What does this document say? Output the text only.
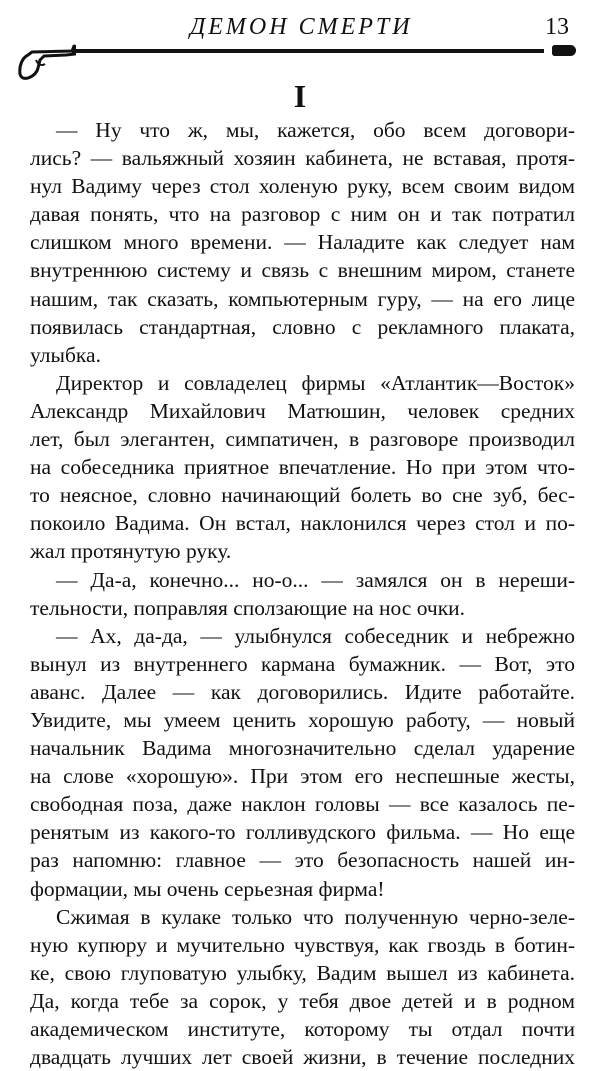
ДЕМОН СМЕРТИ	13
I
— Ну что ж, мы, кажется, обо всем договори-
лись? — вальяжный хозяин кабинета, не вставая, протя-
нул Вадиму через стол холеную руку, всем своим видом
давая понять, что на разговор с ним он и так потратил
слишком много времени. — Наладите как следует нам
внутреннюю систему и связь с внешним миром, станете
нашим, так сказать, компьютерным гуру, — на его лице
появилась стандартная, словно с рекламного плаката,
улыбка.
Директор и совладелец фирмы «Атлантик—Восток»
Александр Михайлович Матюшин, человек средних
лет, был элегантен, симпатичен, в разговоре производил
на собеседника приятное впечатление. Но при этом что-
то неясное, словно начинающий болеть во сне зуб, бес-
покоило Вадима. Он встал, наклонился через стол и по-
жал протянутую руку.
— Да-а, конечно... но-о... — замялся он в нереши-
тельности, поправляя сползающие на нос очки.
— Ах, да-да, — улыбнулся собеседник и небрежно
вынул из внутреннего кармана бумажник. — Вот, это
аванс. Далее — как договорились. Идите работайте.
Увидите, мы умеем ценить хорошую работу, — новый
начальник Вадима многозначительно сделал ударение
на слове «хорошую». При этом его неспешные жесты,
свободная поза, даже наклон головы — все казалось пе-
ренятым из какого-то голливудского фильма. — Но еще
раз напомню: главное — это безопасность нашей ин-
формации, мы очень серьезная фирма!
Сжимая в кулаке только что полученную черно-зеле-
ную купюру и мучительно чувствуя, как гвоздь в ботин-
ке, свою глуповатую улыбку, Вадим вышел из кабинета.
Да, когда тебе за сорок, у тебя двое детей и в родном
академическом институте, которому ты отдал почти
двадцать лучших лет своей жизни, в течение последних
